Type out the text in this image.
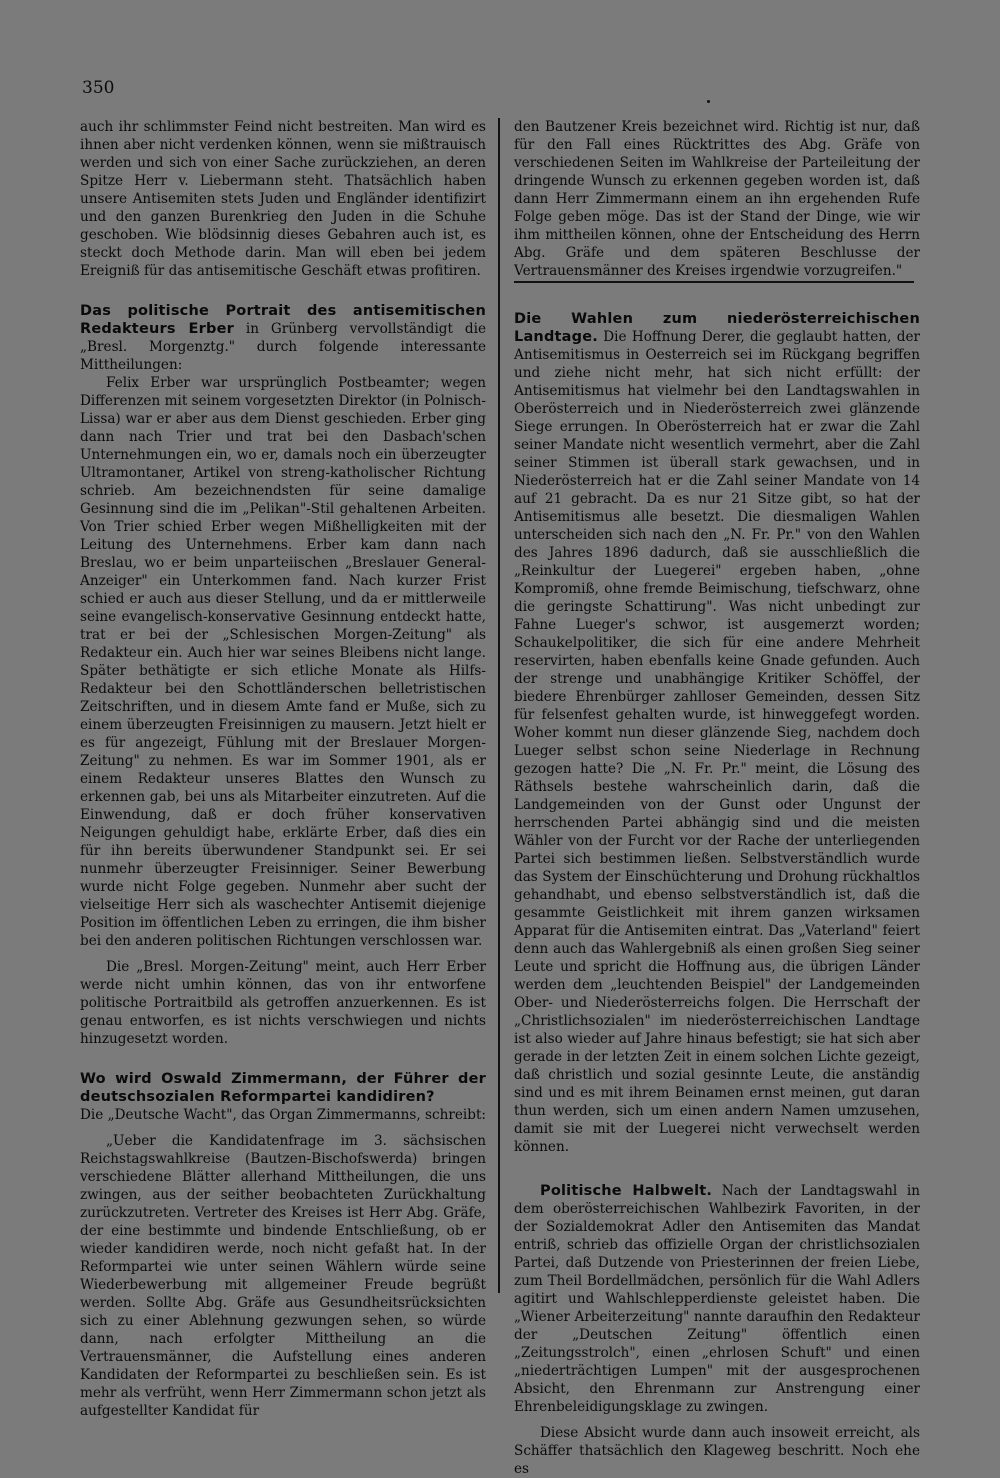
350

auch ihr schlimmster Feind nicht bestreiten. Man wird es ihnen aber nicht verdenken können, wenn sie mißtrauisch werden und sich von einer Sache zurückziehen, an deren Spitze Herr v. Liebermann steht. Thatsächlich haben unsere Antisemiten stets Juden und Engländer identifizirt und den ganzen Burenkrieg den Juden in die Schuhe geschoben. Wie blödsinnig dieses Gebahren auch ist, es steckt doch Methode darin. Man will eben bei jedem Ereigniß für das antisemitische Geschäft etwas profitiren.

Das politische Portrait des antisemitischen Redakteurs Erber in Grünberg vervollständigt die „Bresl. Morgenztg." durch folgende interessante Mittheilungen:

Felix Erber war ursprünglich Postbeamter; wegen Differenzen mit seinem vorgesetzten Direktor (in Polnisch-Lissa) war er aber aus dem Dienst geschieden. Erber ging dann nach Trier und trat bei den Dasbach'schen Unternehmungen ein, wo er, damals noch ein überzeugter Ultramontaner, Artikel von streng-katholischer Richtung schrieb. Am bezeichnendsten für seine damalige Gesinnung sind die im „Pelikan"-Stil gehaltenen Arbeiten. Von Trier schied Erber wegen Mißhelligkeiten mit der Leitung des Unternehmens. Erber kam dann nach Breslau, wo er beim unparteiischen „Breslauer General-Anzeiger" ein Unterkommen fand. Nach kurzer Frist schied er auch aus dieser Stellung, und da er mittlerweile seine evangelisch-konservative Gesinnung entdeckt hatte, trat er bei der „Schlesischen Morgen-Zeitung" als Redakteur ein. Auch hier war seines Bleibens nicht lange. Später bethätigte er sich etliche Monate als Hilfs-Redakteur bei den Schottländerschen belletristischen Zeitschriften, und in diesem Amte fand er Muße, sich zu einem überzeugten Freisinnigen zu mausern. Jetzt hielt er es für angezeigt, Fühlung mit der Breslauer Morgen-Zeitung" zu nehmen. Es war im Sommer 1901, als er einem Redakteur unseres Blattes den Wunsch zu erkennen gab, bei uns als Mitarbeiter einzutreten. Auf die Einwendung, daß er doch früher konservativen Neigungen gehuldigt habe, erklärte Erber, daß dies ein für ihn bereits überwundener Standpunkt sei. Er sei nunmehr überzeugter Freisinniger. Seiner Bewerbung wurde nicht Folge gegeben. Nunmehr aber sucht der vielseitige Herr sich als waschechter Antisemit diejenige Position im öffentlichen Leben zu erringen, die ihm bisher bei den anderen politischen Richtungen verschlossen war.

Die „Bresl. Morgen-Zeitung" meint, auch Herr Erber werde nicht umhin können, das von ihr entworfene politische Portraitbild als getroffen anzuerkennen. Es ist genau entworfen, es ist nichts verschwiegen und nichts hinzugesetzt worden.

Wo wird Oswald Zimmermann, der Führer der deutschsozialen Reformpartei kandidiren?

Die „Deutsche Wacht", das Organ Zimmermanns, schreibt:

„Ueber die Kandidatenfrage im 3. sächsischen Reichstagswahlkreise (Bautzen-Bischofswerda) bringen verschiedene Blätter allerhand Mittheilungen, die uns zwingen, aus der seither beobachteten Zurückhaltung zurückzutreten. Vertreter des Kreises ist Herr Abg. Gräfe, der eine bestimmte und bindende Entschließung, ob er wieder kandidiren werde, noch nicht gefaßt hat. In der Reformpartei wie unter seinen Wählern würde seine Wiederbewerbung mit allgemeiner Freude begrüßt werden. Sollte Abg. Gräfe aus Gesundheitsrücksichten sich zu einer Ablehnung gezwungen sehen, so würde dann, nach erfolgter Mittheilung an die Vertrauensmänner, die Aufstellung eines anderen Kandidaten der Reformpartei zu beschließen sein. Es ist mehr als verfrüht, wenn Herr Zimmermann schon jetzt als aufgestellter Kandidat für

den Bautzener Kreis bezeichnet wird. Richtig ist nur, daß für den Fall eines Rücktrittes des Abg. Gräfe von verschiedenen Seiten im Wahlkreise der Parteileitung der dringende Wunsch zu erkennen gegeben worden ist, daß dann Herr Zimmermann einem an ihn ergehenden Rufe Folge geben möge. Das ist der Stand der Dinge, wie wir ihm mittheilen können, ohne der Entscheidung des Herrn Abg. Gräfe und dem späteren Beschlusse der Vertrauensmänner des Kreises irgendwie vorzugreifen."

Die Wahlen zum niederösterreichischen Landtage. Die Hoffnung Derer, die geglaubt hatten, der Antisemitismus in Oesterreich sei im Rückgang begriffen und ziehe nicht mehr, hat sich nicht erfüllt: der Antisemitismus hat vielmehr bei den Landtagswahlen in Oberösterreich und in Niederösterreich zwei glänzende Siege errungen. In Oberösterreich hat er zwar die Zahl seiner Mandate nicht wesentlich vermehrt, aber die Zahl seiner Stimmen ist überall stark gewachsen, und in Niederösterreich hat er die Zahl seiner Mandate von 14 auf 21 gebracht. Da es nur 21 Sitze gibt, so hat der Antisemitismus alle besetzt. Die diesmaligen Wahlen unterscheiden sich nach den „N. Fr. Pr." von den Wahlen des Jahres 1896 dadurch, daß sie ausschließlich die „Reinkultur der Luegerei" ergeben haben, „ohne Kompromiß, ohne fremde Beimischung, tiefschwarz, ohne die geringste Schattirung". Was nicht unbedingt zur Fahne Lueger's schwor, ist ausgemerzt worden; Schaukelpolitiker, die sich für eine andere Mehrheit reservirten, haben ebenfalls keine Gnade gefunden. Auch der strenge und unabhängige Kritiker Schöffel, der biedere Ehrenbürger zahlloser Gemeinden, dessen Sitz für felsenfest gehalten wurde, ist hinweggefegt worden. Woher kommt nun dieser glänzende Sieg, nachdem doch Lueger selbst schon seine Niederlage in Rechnung gezogen hatte? Die „N. Fr. Pr." meint, die Lösung des Räthsels bestehe wahrscheinlich darin, daß die Landgemeinden von der Gunst oder Ungunst der herrschenden Partei abhängig sind und die meisten Wähler von der Furcht vor der Rache der unterliegenden Partei sich bestimmen ließen. Selbstverständlich wurde das System der Einschüchterung und Drohung rückhaltlos gehandhabt, und ebenso selbstverständlich ist, daß die gesammte Geistlichkeit mit ihrem ganzen wirksamen Apparat für die Antisemiten eintrat. Das „Vaterland" feiert denn auch das Wahlergebniß als einen großen Sieg seiner Leute und spricht die Hoffnung aus, die übrigen Länder werden dem „leuchtenden Beispiel" der Landgemeinden Ober- und Niederösterreichs folgen. Die Herrschaft der „Christlichsozialen" im niederösterreichischen Landtage ist also wieder auf Jahre hinaus befestigt; sie hat sich aber gerade in der letzten Zeit in einem solchen Lichte gezeigt, daß christlich und sozial gesinnte Leute, die anständig sind und es mit ihrem Beinamen ernst meinen, gut daran thun werden, sich um einen andern Namen umzusehen, damit sie mit der Luegerei nicht verwechselt werden können.

Politische Halbwelt. Nach der Landtagswahl in dem oberösterreichischen Wahlbezirk Favoriten, in der der Sozialdemokrat Adler den Antisemiten das Mandat entriß, schrieb das offizielle Organ der christlichsozialen Partei, daß Dutzende von Priesterinnen der freien Liebe, zum Theil Bordellmädchen, persönlich für die Wahl Adlers agitirt und Wahlschlepperdienste geleistet haben. Die „Wiener Arbeiterzeitung" nannte daraufhin den Redakteur der „Deutschen Zeitung" öffentlich einen „Zeitungsstrolch", einen „ehrlosen Schuft" und einen „niederträchtigen Lumpen" mit der ausgesprochenen Absicht, den Ehrenmann zur Anstrengung einer Ehrenbeleidigungsklage zu zwingen.

Diese Absicht wurde dann auch insoweit erreicht, als Schäffer thatsächlich den Klageweg beschritt. Noch ehe es
